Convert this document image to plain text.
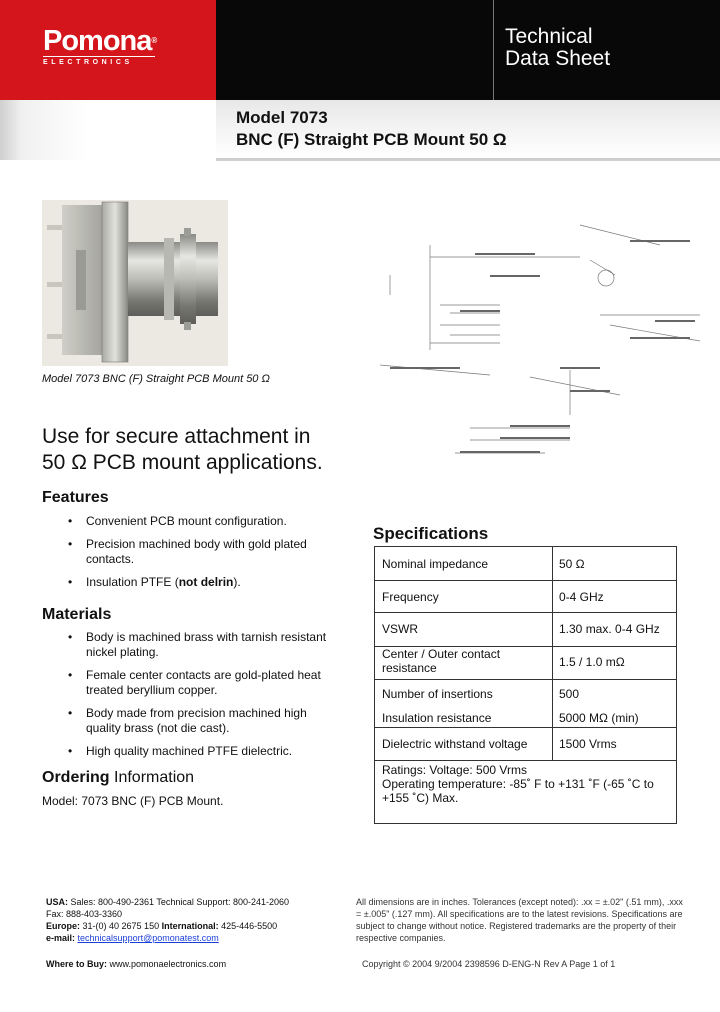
Pomona®
ELECTRONICS
Technical
Data Sheet
Model 7073
BNC (F) Straight PCB Mount 50 Ω
Model 7073 BNC (F) Straight PCB Mount 50 Ω
Use for secure attachment in
50 Ω PCB mount applications.
Features
• Convenient PCB mount configuration.
• Precision machined body with gold plated contacts.
• Insulation PTFE (not delrin).
Materials
• Body is machined brass with tarnish resistant nickel plating.
• Female center contacts are gold-plated heat treated beryllium copper.
• Body made from precision machined high quality brass (not die cast).
• High quality machined PTFE dielectric.
Ordering Information
Model: 7073 BNC (F) PCB Mount.
Specifications
Nominal impedance	50 Ω
Frequency	0-4 GHz
VSWR	1.30 max. 0-4 GHz
Center / Outer contact resistance	1.5 / 1.0 mΩ
Number of insertions	500
Insulation resistance	5000 MΩ (min)
Dielectric withstand voltage	1500 Vrms
Ratings: Voltage: 500 Vrms
Operating temperature: -85˚ F to +131 ˚F (-65 ˚C to +155 ˚C) Max.
USA: Sales: 800-490-2361 Technical Support: 800-241-2060 Fax: 888-403-3360
Europe: 31-(0) 40 2675 150 International: 425-446-5500
e-mail: technicalsupport@pomonatest.com
Where to Buy: www.pomonaelectronics.com
All dimensions are in inches. Tolerances (except noted): .xx = ±.02" (.51 mm), .xxx = ±.005" (.127 mm). All specifications are to the latest revisions. Specifications are subject to change without notice. Registered trademarks are the property of their respective companies.
Copyright © 2004 9/2004 2398596 D-ENG-N Rev A Page 1 of 1
